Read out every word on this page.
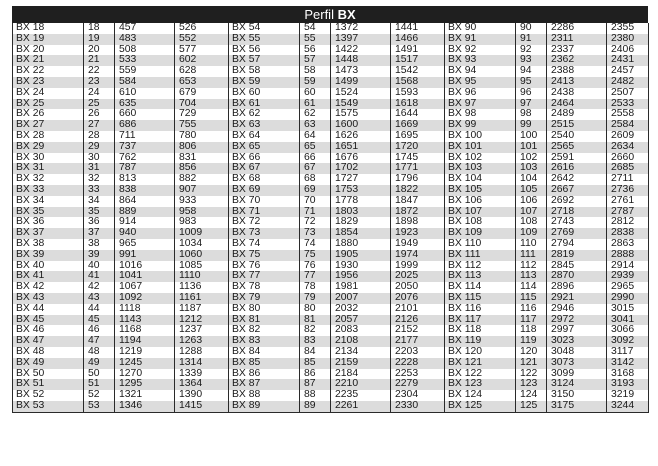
Perfil BX
BX 18	18	457	526	BX 54	54	1372	1441	BX 90	90	2286	2355
BX 19	19	483	552	BX 55	55	1397	1466	BX 91	91	2311	2380
BX 20	20	508	577	BX 56	56	1422	1491	BX 92	92	2337	2406
BX 21	21	533	602	BX 57	57	1448	1517	BX 93	93	2362	2431
BX 22	22	559	628	BX 58	58	1473	1542	BX 94	94	2388	2457
BX 23	23	584	653	BX 59	59	1499	1568	BX 95	95	2413	2482
BX 24	24	610	679	BX 60	60	1524	1593	BX 96	96	2438	2507
BX 25	25	635	704	BX 61	61	1549	1618	BX 97	97	2464	2533
BX 26	26	660	729	BX 62	62	1575	1644	BX 98	98	2489	2558
BX 27	27	686	755	BX 63	63	1600	1669	BX 99	99	2515	2584
BX 28	28	711	780	BX 64	64	1626	1695	BX 100	100	2540	2609
BX 29	29	737	806	BX 65	65	1651	1720	BX 101	101	2565	2634
BX 30	30	762	831	BX 66	66	1676	1745	BX 102	102	2591	2660
BX 31	31	787	856	BX 67	67	1702	1771	BX 103	103	2616	2685
BX 32	32	813	882	BX 68	68	1727	1796	BX 104	104	2642	2711
BX 33	33	838	907	BX 69	69	1753	1822	BX 105	105	2667	2736
BX 34	34	864	933	BX 70	70	1778	1847	BX 106	106	2692	2761
BX 35	35	889	958	BX 71	71	1803	1872	BX 107	107	2718	2787
BX 36	36	914	983	BX 72	72	1829	1898	BX 108	108	2743	2812
BX 37	37	940	1009	BX 73	73	1854	1923	BX 109	109	2769	2838
BX 38	38	965	1034	BX 74	74	1880	1949	BX 110	110	2794	2863
BX 39	39	991	1060	BX 75	75	1905	1974	BX 111	111	2819	2888
BX 40	40	1016	1085	BX 76	76	1930	1999	BX 112	112	2845	2914
BX 41	41	1041	1110	BX 77	77	1956	2025	BX 113	113	2870	2939
BX 42	42	1067	1136	BX 78	78	1981	2050	BX 114	114	2896	2965
BX 43	43	1092	1161	BX 79	79	2007	2076	BX 115	115	2921	2990
BX 44	44	1118	1187	BX 80	80	2032	2101	BX 116	116	2946	3015
BX 45	45	1143	1212	BX 81	81	2057	2126	BX 117	117	2972	3041
BX 46	46	1168	1237	BX 82	82	2083	2152	BX 118	118	2997	3066
BX 47	47	1194	1263	BX 83	83	2108	2177	BX 119	119	3023	3092
BX 48	48	1219	1288	BX 84	84	2134	2203	BX 120	120	3048	3117
BX 49	49	1245	1314	BX 85	85	2159	2228	BX 121	121	3073	3142
BX 50	50	1270	1339	BX 86	86	2184	2253	BX 122	122	3099	3168
BX 51	51	1295	1364	BX 87	87	2210	2279	BX 123	123	3124	3193
BX 52	52	1321	1390	BX 88	88	2235	2304	BX 124	124	3150	3219
BX 53	53	1346	1415	BX 89	89	2261	2330	BX 125	125	3175	3244
